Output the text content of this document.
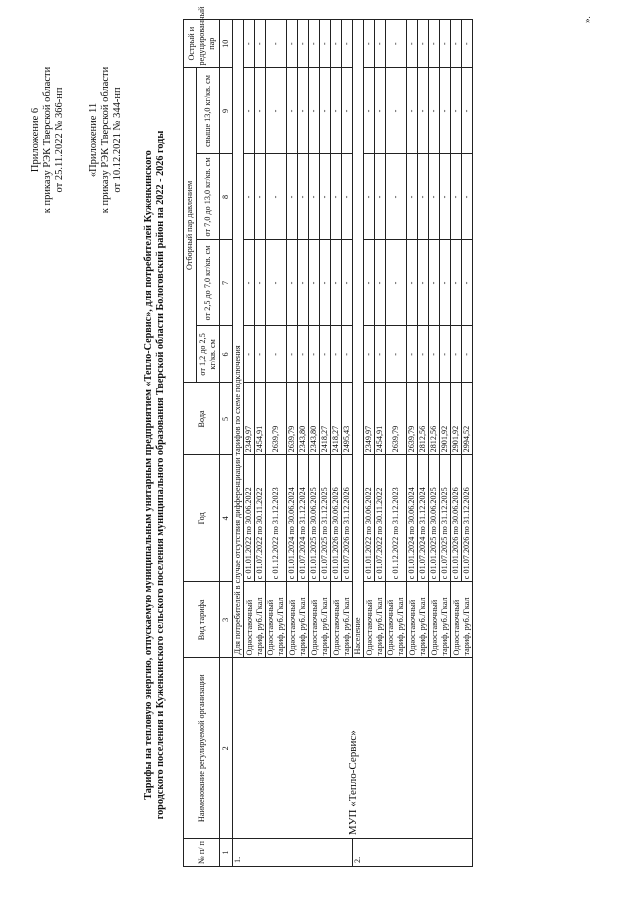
Приложение 6 к приказу РЭК Тверской области от 25.11.2022 № 366-нп «Приложение 11 к приказу РЭК Тверской области от 10.12.2021 № 344-нп
Тарифы на тепловую энергию, отпускаемую муниципальным унитарным предприятием «Тепло-Сервис», для потребителей Куженкинского городского поселения и Куженкинского сельского поселения муниципального образования Тверской области Бологовский район на 2022 - 2026 годы
№ п/ п	Наименование регулируемой организации	Вид тарифа	Год	Вода	Отборный пар давлением				Острый и редуцированный пар
					от 1,2 до 2,5 кг/кв. см	от 2,5 до 7,0 кг/кв. см	от 7,0 до 13,0 кг/кв. см	свыше 13,0 кг/кв. см	
1	2	3	4	5	6	7	8	9	10
1.	МУП «Тепло-Сервис»	Для потребителей в случае отсутствия дифференциации тарифов по схеме подключения							
		Одноставочный тариф, руб./Гкал	с 01.01.2022 по 30.06.2022	2349,97	-	-	-	-	-
			с 01.07.2022 по 30.11.2022	2454,91	-	-	-	-	-
		Одноставочный тариф, руб./Гкал	с 01.12.2022 по 31.12.2023	2639,79	-	-	-	-	-
		Одноставочный тариф, руб./Гкал	с 01.01.2024 по 30.06.2024	2639,79	-	-	-	-	-
			с 01.07.2024 по 31.12.2024	2343,80	-	-	-	-	-
		Одноставочный тариф, руб./Гкал	с 01.01.2025 по 30.06.2025	2343,80	-	-	-	-	-
			с 01.07.2025 по 31.12.2025	2418,27	-	-	-	-	-
		Одноставочный тариф, руб./Гкал	с 01.01.2026 по 30.06.2026	2418,27	-	-	-	-	-
			с 01.07.2026 по 31.12.2026	2495,43	-	-	-	-	-
2.		Население							
		Одноставочный тариф, руб./Гкал	с 01.01.2022 по 30.06.2022	2349,97	-	-	-	-	-
			с 01.07.2022 по 30.11.2022	2454,91	-	-	-	-	-
		Одноставочный тариф, руб./Гкал	с 01.12.2022 по 31.12.2023	2639,79	-	-	-	-	-
		Одноставочный тариф, руб./Гкал	с 01.01.2024 по 30.06.2024	2639,79	-	-	-	-	-
			с 01.07.2024 по 31.12.2024	2812,56	-	-	-	-	-
		Одноставочный тариф, руб./Гкал	с 01.01.2025 по 30.06.2025	2812,56	-	-	-	-	-
			с 01.07.2025 по 31.12.2025	2901,92	-	-	-	-	-
		Одноставочный тариф, руб./Гкал	с 01.01.2026 по 30.06.2026	2901,92	-	-	-	-	-
			с 01.07.2026 по 31.12.2026	2994,52	-	-	-	-	-
».
